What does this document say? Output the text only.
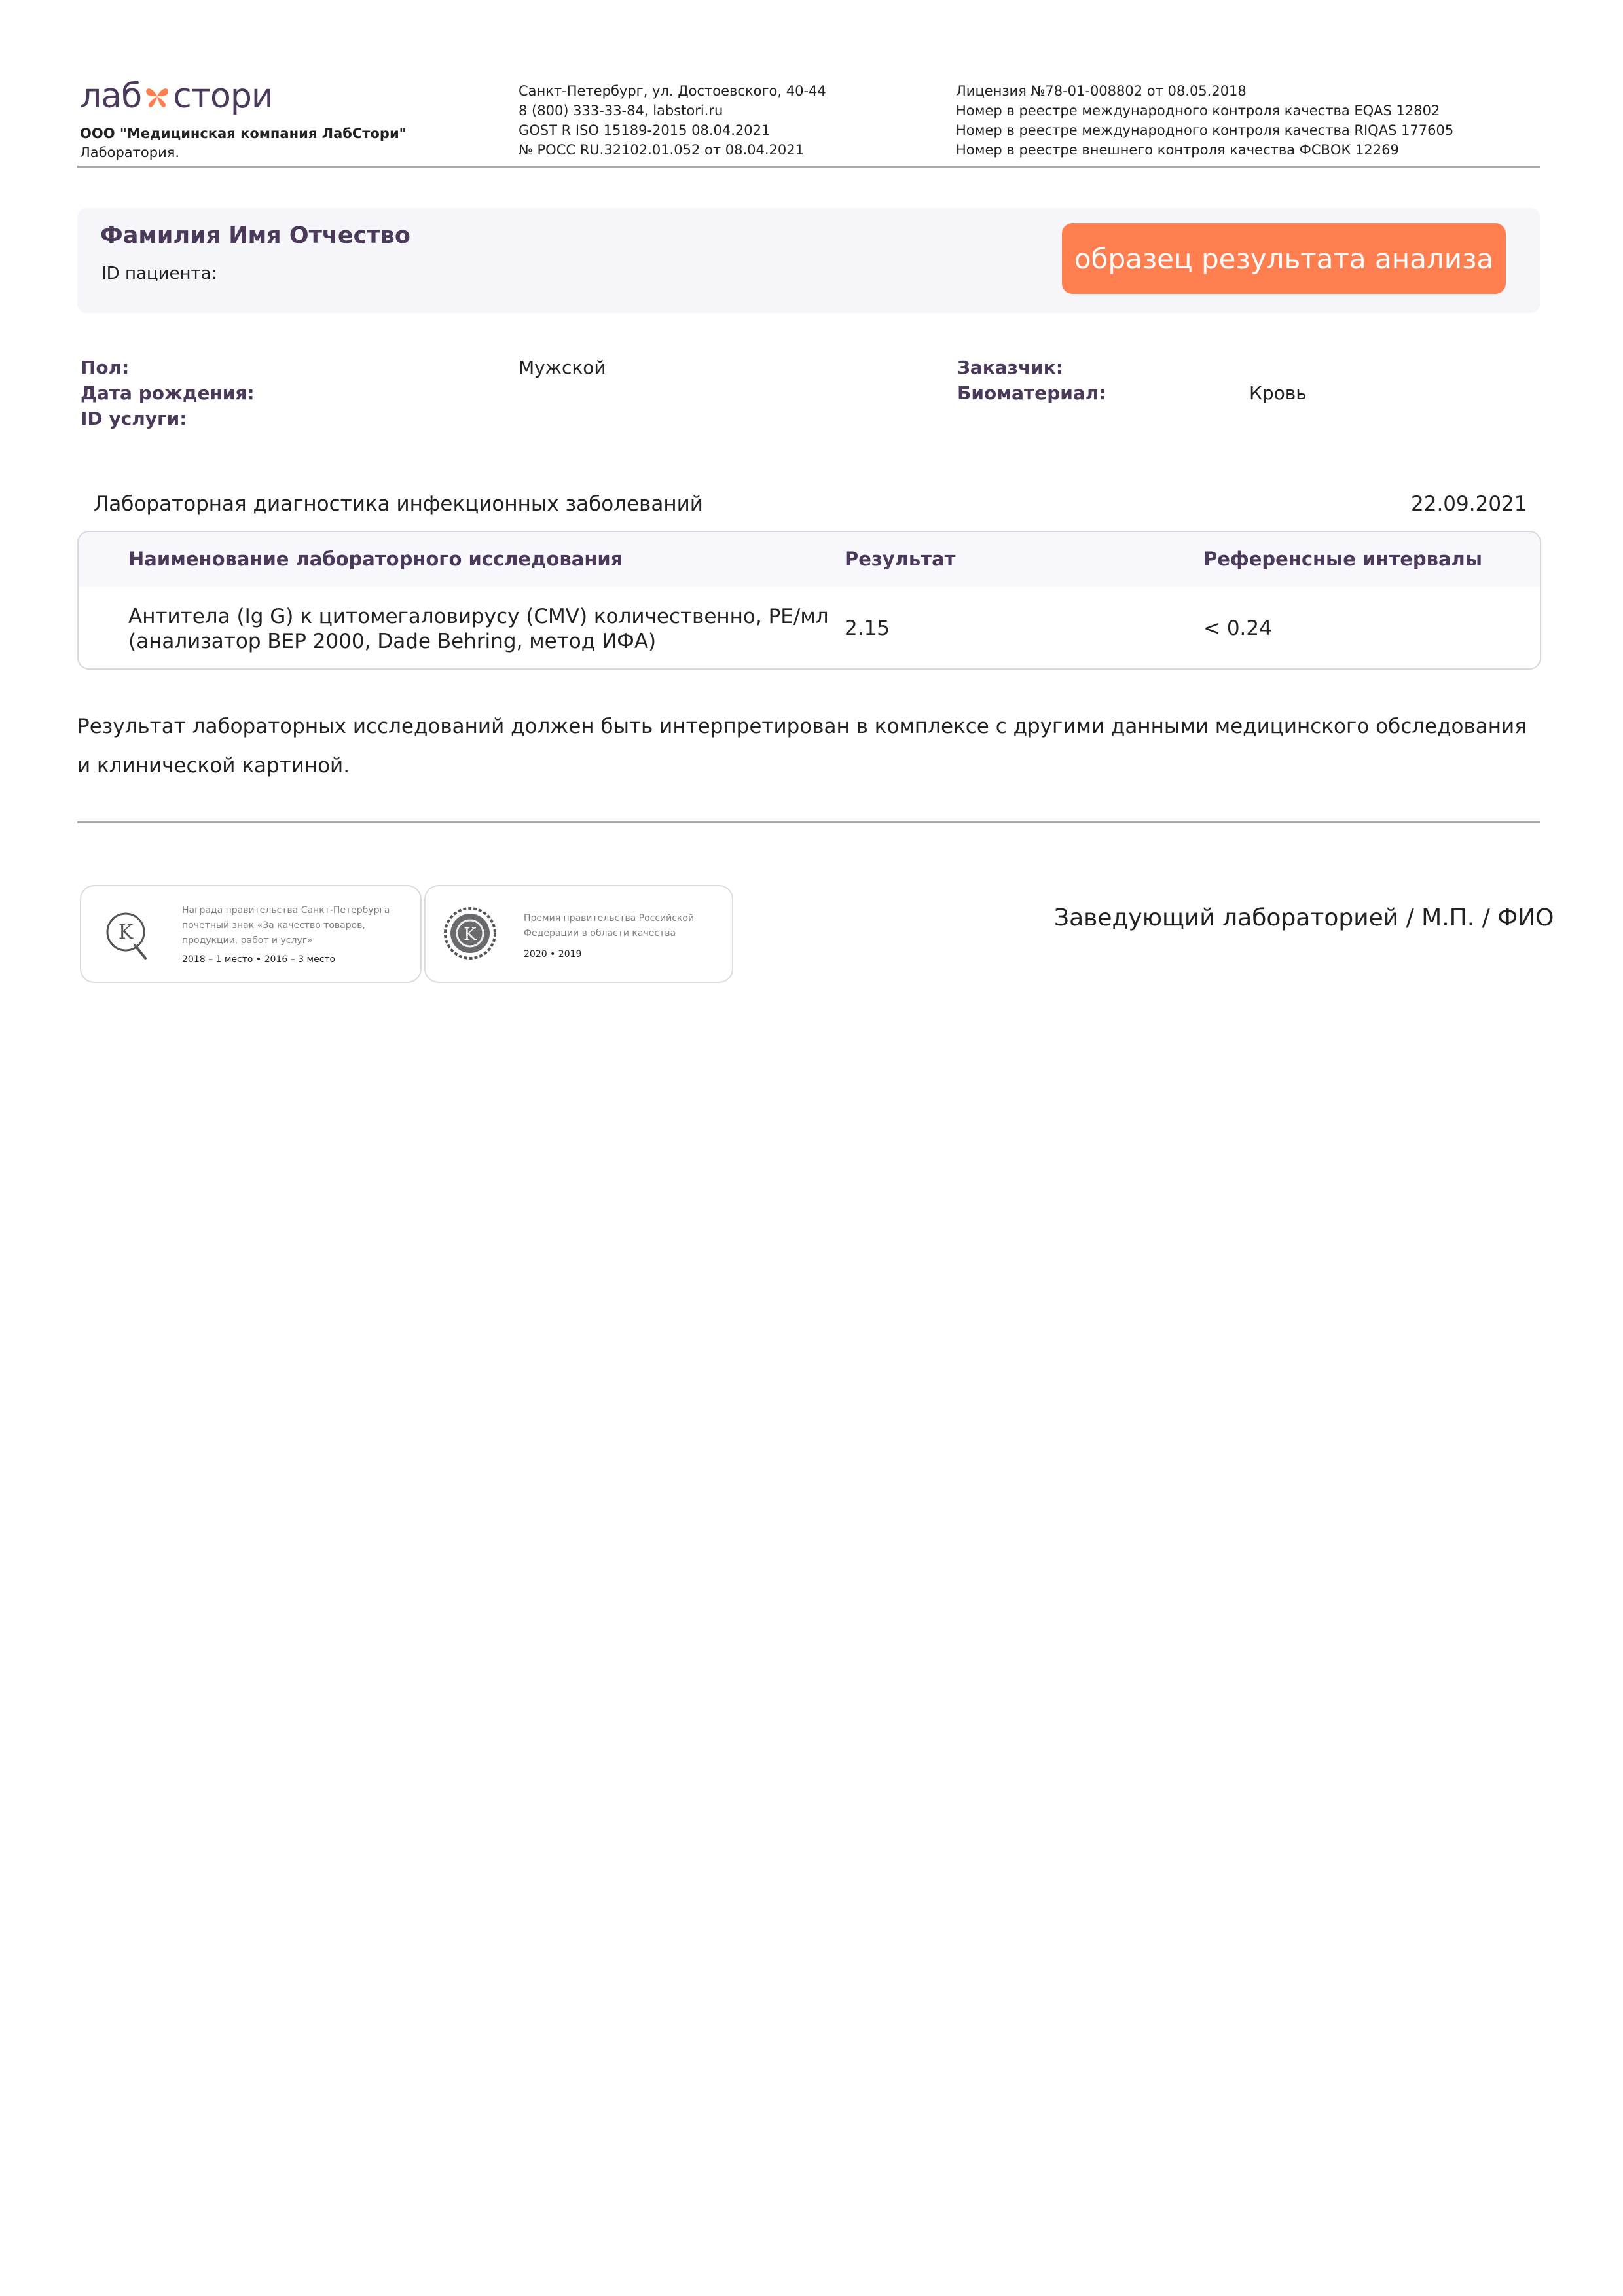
лаб стори
ООО "Медицинская компания ЛабСтори"
Лаборатория.
Санкт-Петербург, ул. Достоевского, 40-44
8 (800) 333-33-84, labstori.ru
GOST R ISO 15189-2015 08.04.2021
№ РОСС RU.32102.01.052 от 08.04.2021
Лицензия №78-01-008802 от 08.05.2018
Номер в реестре международного контроля качества EQAS 12802
Номер в реестре международного контроля качества RIQAS 177605
Номер в реестре внешнего контроля качества ФСВОК 12269
Фамилия Имя Отчество
ID пациента:	образец результата анализа
Пол:	Мужской
Дата рождения:
ID услуги:
Заказчик:
Биоматериал:	Кровь
Лабораторная диагностика инфекционных заболеваний	22.09.2021
Наименование лабораторного исследования	Результат	Референсные интервалы
Антитела (Ig G) к цитомегаловирусу (CMV) количественно, РЕ/мл
(анализатор BEP 2000, Dade Behring, метод ИФА)
2.15	< 0.24
Результат лабораторных исследований должен быть интерпретирован в комплексе с другими данными медицинского обследования и клинической картиной.
K
Награда правительства Санкт-Петербурга
почетный знак «За качество товаров,
продукции, работ и услуг»
2018 – 1 место • 2016 – 3 место
K
Премия правительства Российской
Федерации в области качества
2020 • 2019
Заведующий лабораторией / М.П. / ФИО
